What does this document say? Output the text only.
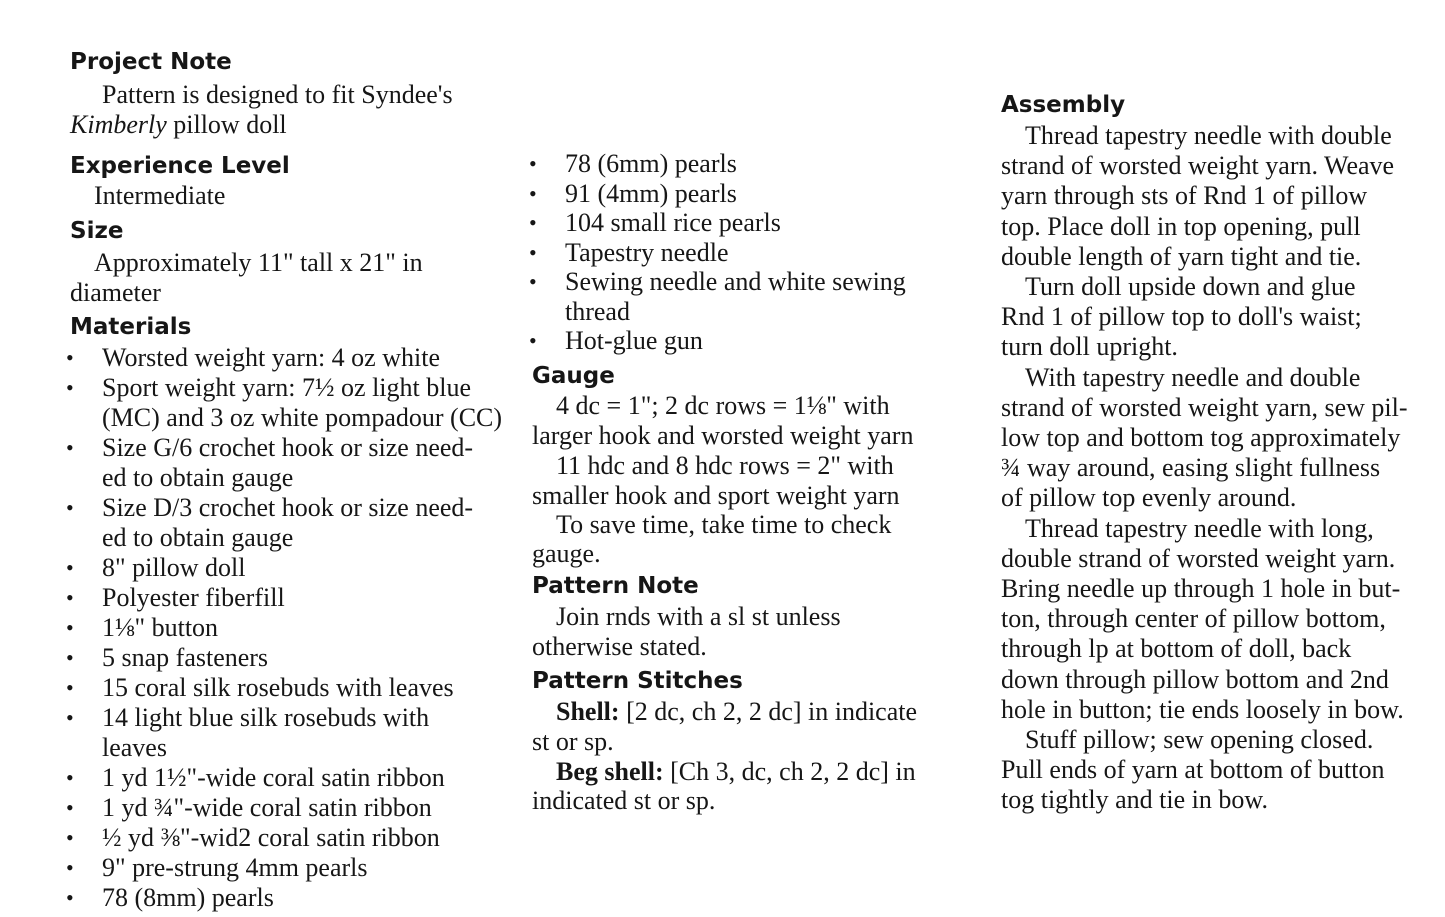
Project Note
Pattern is designed to fit Syndee's
Kimberly pillow doll
Experience Level
Intermediate
Size
Approximately 11" tall x 21" in
diameter
Materials
• Worsted weight yarn: 4 oz white
• Sport weight yarn: 7½ oz light blue
(MC) and 3 oz white pompadour (CC)
• Size G/6 crochet hook or size need-
ed to obtain gauge
• Size D/3 crochet hook or size need-
ed to obtain gauge
• 8" pillow doll
• Polyester fiberfill
• 1⅛" button
• 5 snap fasteners
• 15 coral silk rosebuds with leaves
• 14 light blue silk rosebuds with
leaves
• 1 yd 1½"-wide coral satin ribbon
• 1 yd ¾"-wide coral satin ribbon
• ½ yd ⅜"-wid2 coral satin ribbon
• 9" pre-strung 4mm pearls
• 78 (8mm) pearls
• 78 (6mm) pearls
• 91 (4mm) pearls
• 104 small rice pearls
• Tapestry needle
• Sewing needle and white sewing
thread
• Hot-glue gun
Gauge
4 dc = 1"; 2 dc rows = 1⅛" with
larger hook and worsted weight yarn
11 hdc and 8 hdc rows = 2" with
smaller hook and sport weight yarn
To save time, take time to check
gauge.
Pattern Note
Join rnds with a sl st unless
otherwise stated.
Pattern Stitches
Shell: [2 dc, ch 2, 2 dc] in indicate
st or sp.
Beg shell: [Ch 3, dc, ch 2, 2 dc] in
indicated st or sp.
Assembly
Thread tapestry needle with double
strand of worsted weight yarn. Weave
yarn through sts of Rnd 1 of pillow
top. Place doll in top opening, pull
double length of yarn tight and tie.
Turn doll upside down and glue
Rnd 1 of pillow top to doll's waist;
turn doll upright.
With tapestry needle and double
strand of worsted weight yarn, sew pil-
low top and bottom tog approximately
¾ way around, easing slight fullness
of pillow top evenly around.
Thread tapestry needle with long,
double strand of worsted weight yarn.
Bring needle up through 1 hole in but-
ton, through center of pillow bottom,
through lp at bottom of doll, back
down through pillow bottom and 2nd
hole in button; tie ends loosely in bow.
Stuff pillow; sew opening closed.
Pull ends of yarn at bottom of button
tog tightly and tie in bow.
